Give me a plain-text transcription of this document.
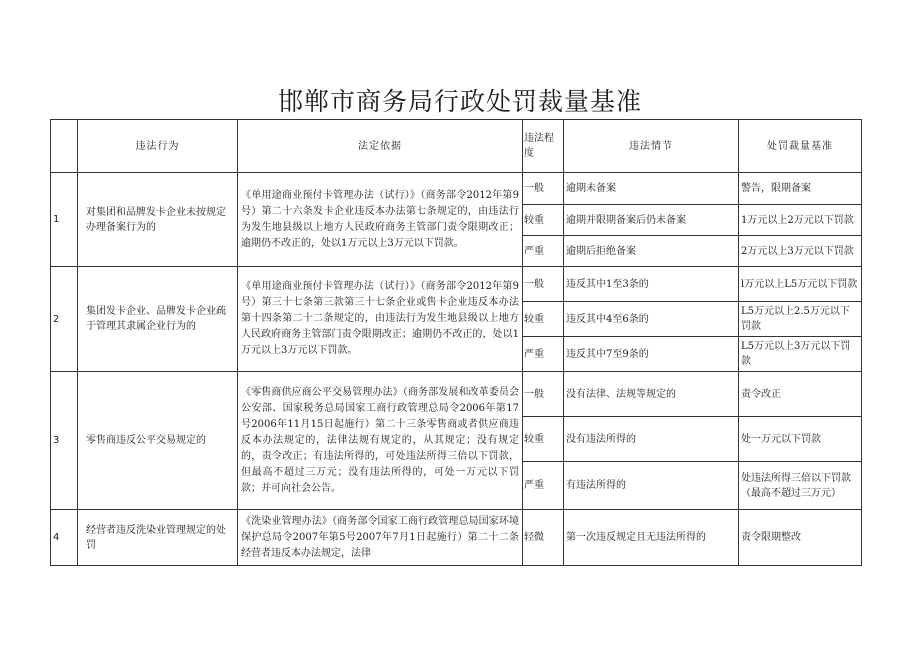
邯郸市商务局行政处罚裁量基准
	违法行为	法定依据	违法程度	违法情节	处罚裁量基准
1	对集团和品牌发卡企业未按规定办理备案行为的	《单用途商业预付卡管理办法（试行）》（商务部令2012年第9号）第二十六条发卡企业违反本办法第七条规定的，由违法行为发生地县级以上地方人民政府商务主管部门责令限期改正；逾期仍不改正的，处以1万元以上3万元以下罚款。	一般	逾期未备案	警告，限期备案
			较重	逾期并限期备案后仍未备案	1万元以上2万元以下罚款
			严重	逾期后拒绝备案	2万元以上3万元以下罚款
2	集团发卡企业、品牌发卡企业疏于管理其隶属企业行为的	《单用途商业预付卡管理办法（试行）》（商务部令2012年第9号）第三十七条第三款第三十七条企业或售卡企业违反本办法第十四条第二十二条规定的，由违法行为发生地县级以上地方人民政府商务主管部门责令限期改正；逾期仍不改正的，处以1万元以上3万元以下罚款。	一般	违反其中1至3条的	l万元以上L5万元以下罚款
			较重	违反其中4至6条的	L5万元以上2.5万元以下罚款
			严重	违反其中7至9条的	L5万元以上3万元以下罚款
3	零售商违反公平交易规定的	《零售商供应商公平交易管理办法》（商务部发展和改革委员会公安部、国家税务总局国家工商行政管理总局令2006年第17号2006年11月15日起施行）第二十三条零售商或者供应商违反本办法规定的，法律法规有规定的，从其规定；没有规定的，责令改正；有违法所得的，可处违法所得三倍以下罚款，但最高不超过三万元；没有违法所得的，可处一万元以下罚款；并可向社会公告。	一般	没有法律、法规等规定的	责令改正
			较重	没有违法所得的	处一万元以下罚款
			严重	有违法所得的	处违法所得三倍以下罚款（最高不超过三万元）
4	经营者违反洗染业管理规定的处罚	《洗染业管理办法》（商务部令国家工商行政管理总局国家环境保护总局令2007年第5号2007年7月1日起施行）第二十二条经营者违反本办法规定，法律	轻微	第一次违反规定且无违法所得的	责令限期整改
